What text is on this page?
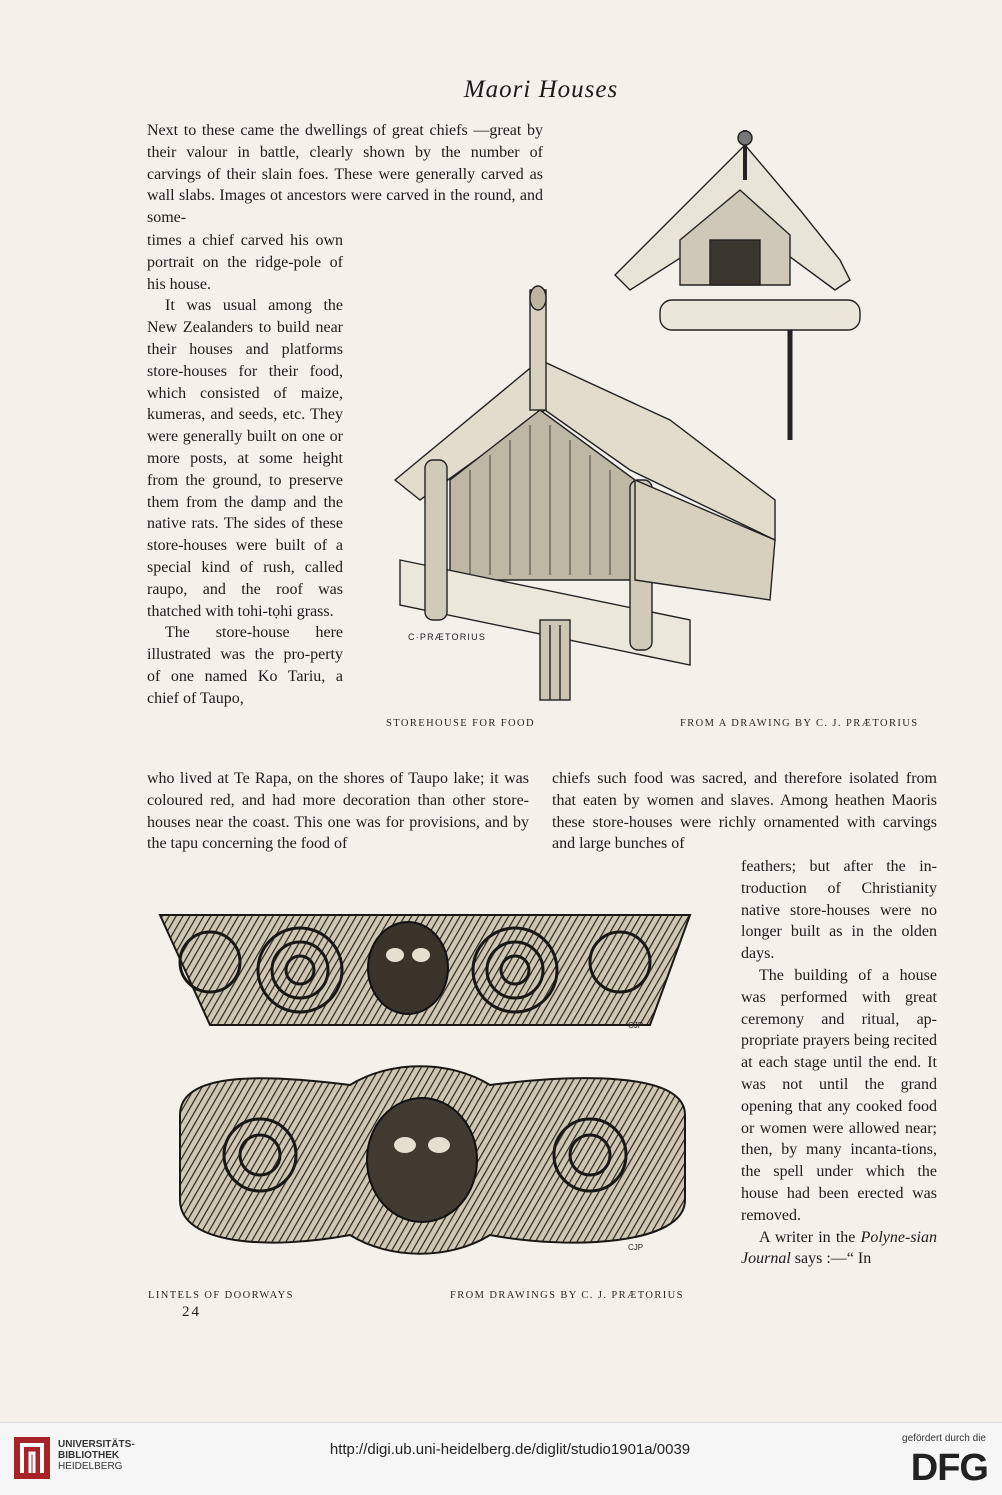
Maori Houses

Next to these came the dwellings of great chiefs —great by their valour in battle, clearly shown by the number of carvings of their slain foes. These were generally carved as wall slabs. Images ot ancestors were carved in the round, and some-

times a chief carved his own portrait on the ridge-pole of his house.

It was usual among the New Zealanders to build near their houses and platforms store-houses for their food, which consisted of maize, kumeras, and seeds, etc. They were generally built on one or more posts, at some height from the ground, to preserve them from the damp and the native rats. The sides of these store-houses were built of a special kind of rush, called raupo, and the roof was thatched with tohi-tọhi grass.

The store-house here illustrated was the pro-perty of one named Ko Tariu, a chief of Taupo,

C·PRÆTORIUS
STOREHOUSE FOR FOOD	FROM A DRAWING BY C. J. PRÆTORIUS

who lived at Te Rapa, on the shores of Taupo lake; it was coloured red, and had more decoration than other store-houses near the coast. This one was for provisions, and by the tapu concerning the food of

chiefs such food was sacred, and therefore isolated from that eaten by women and slaves. Among heathen Maoris these store-houses were richly ornamented with carvings and large bunches of

CJP
CJP
LINTELS OF DOORWAYS	FROM DRAWINGS BY C. J. PRÆTORIUS

feathers; but after the in-troduction of Christianity native store-houses were no longer built as in the olden days.

The building of a house was performed with great ceremony and ritual, ap-propriate prayers being recited at each stage until the end. It was not until the grand opening that any cooked food or women were allowed near; then, by many incanta-tions, the spell under which the house had been erected was removed.

A writer in the Polyne-sian Journal says :—“ In

24
UNIVERSITÄTS-
BIBLIOTHEK
HEIDELBERG
http://digi.ub.uni-heidelberg.de/diglit/studio1901a/0039
gefördert durch die
DFG
